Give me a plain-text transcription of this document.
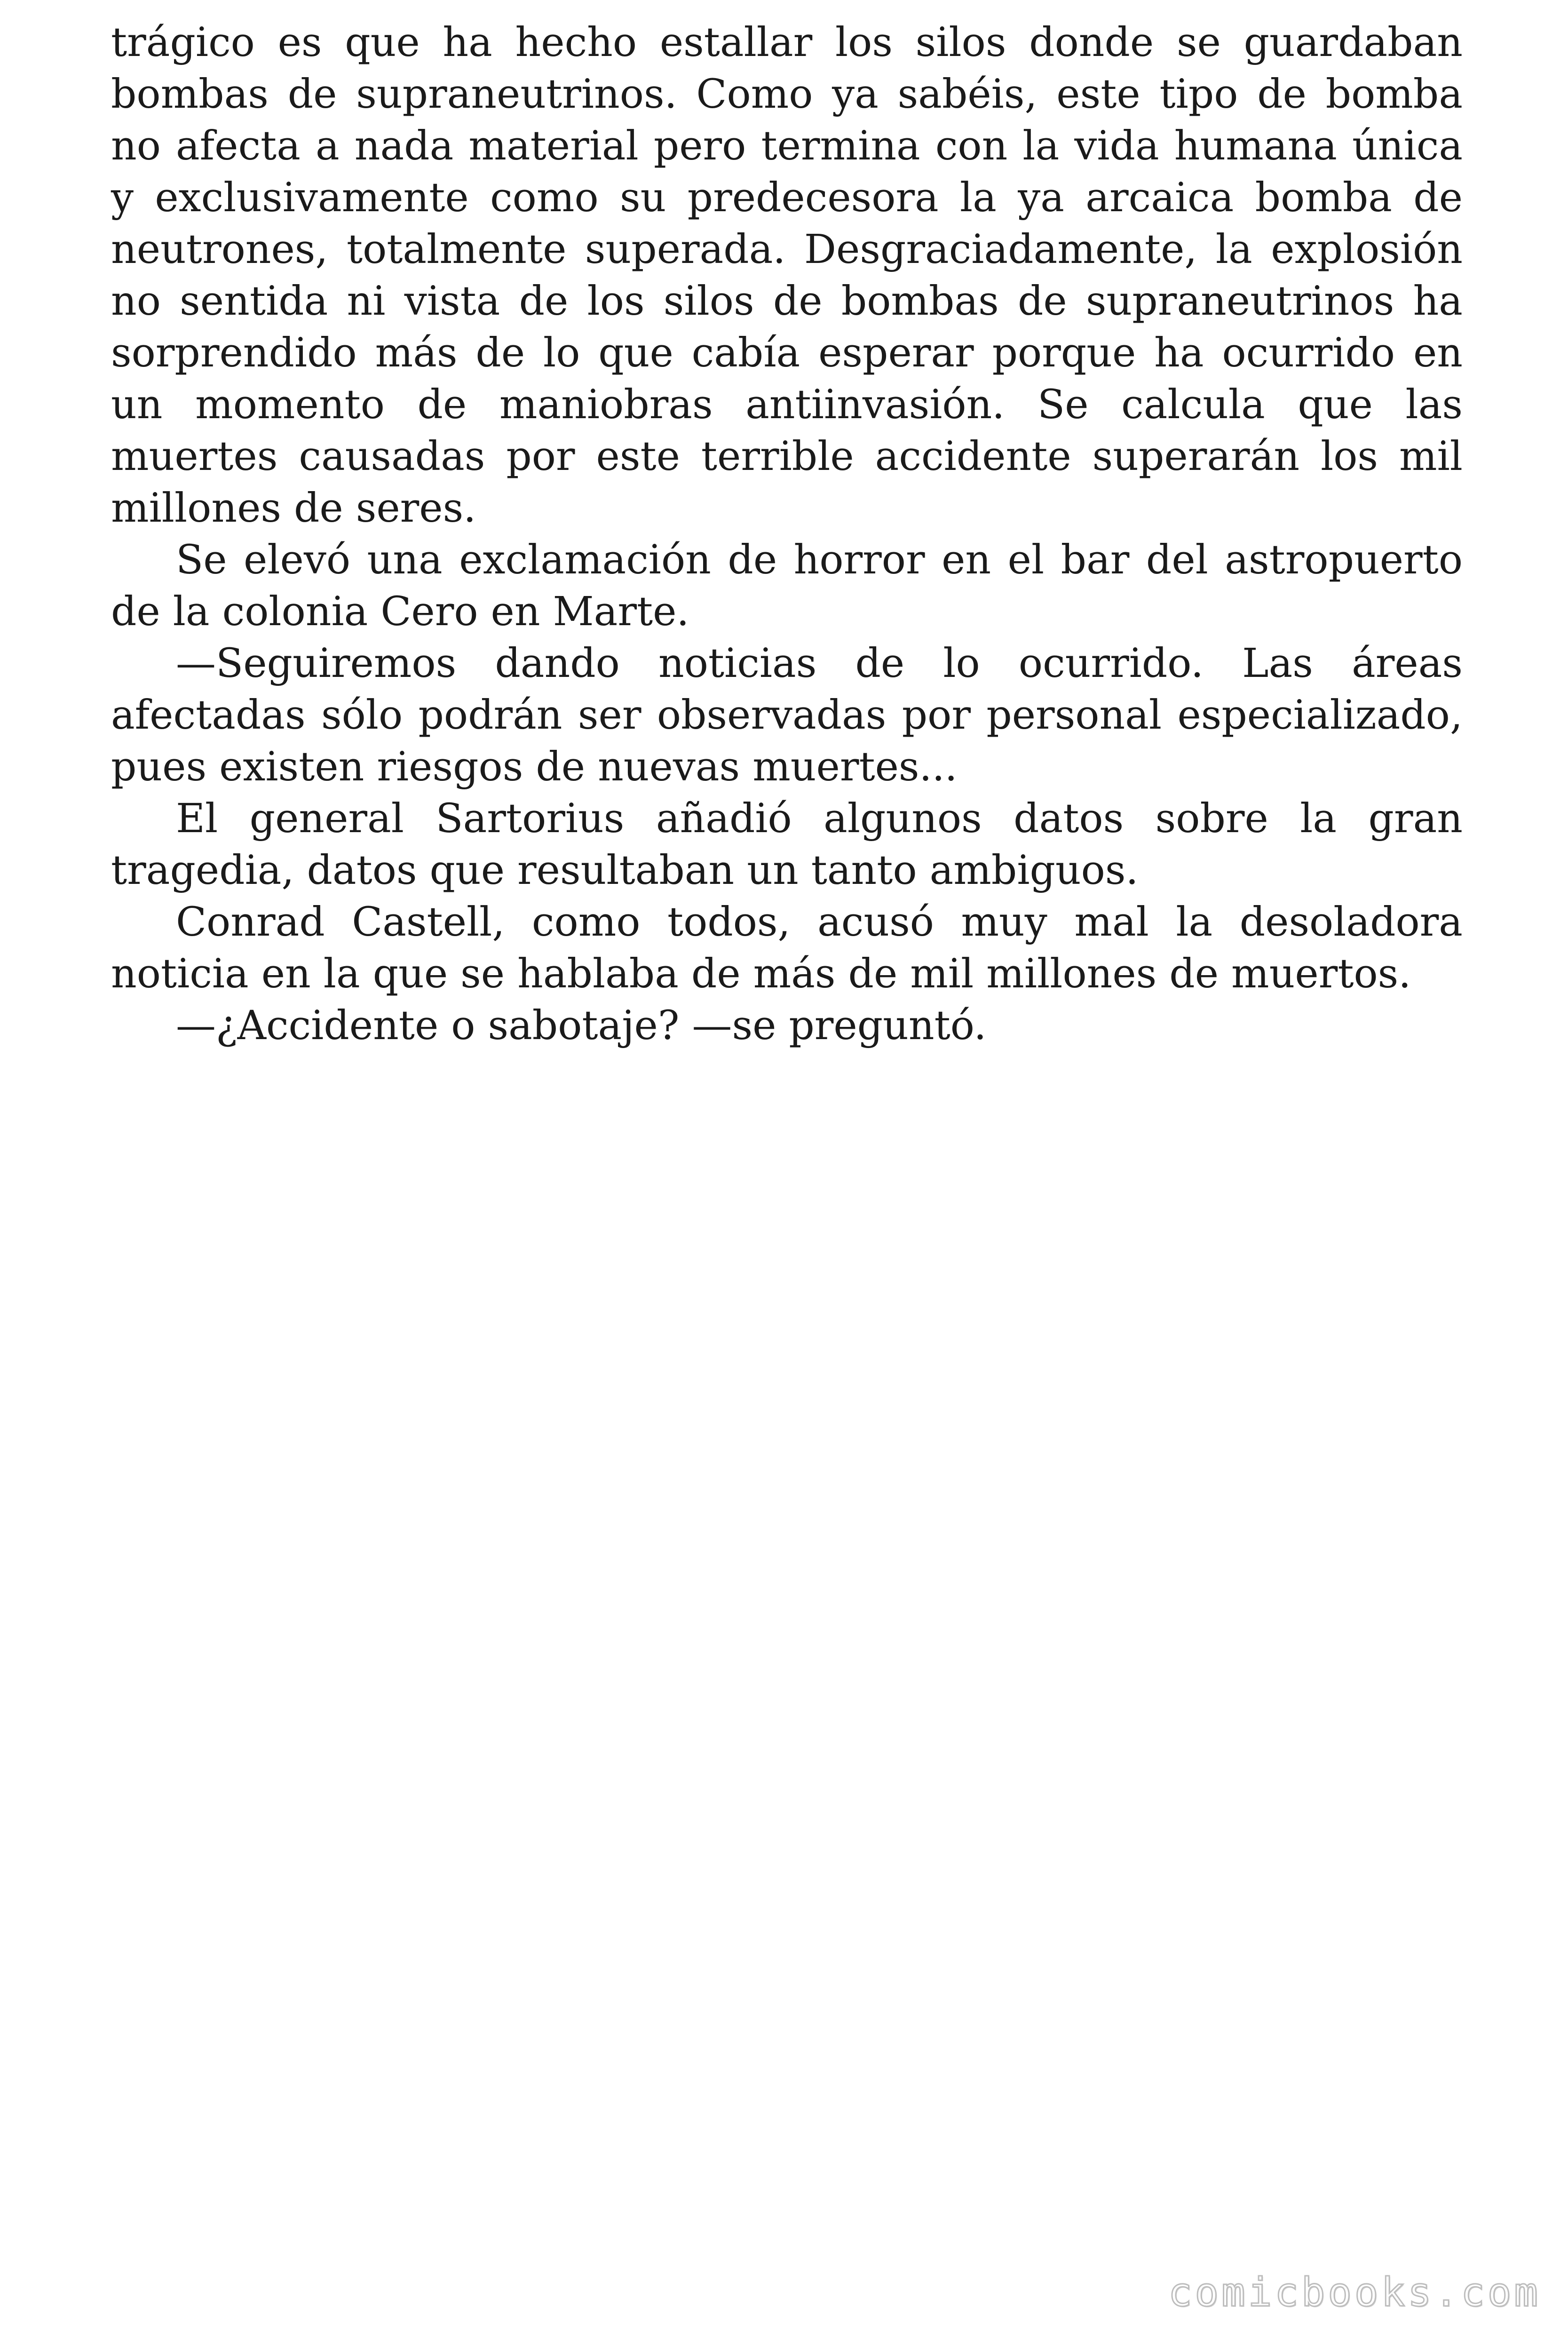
trágico es que ha hecho estallar los silos donde se guardaban bombas de supraneutrinos. Como ya sabéis, este tipo de bomba no afecta a nada material pero termina con la vida humana única y exclusivamente como su predecesora la ya arcaica bomba de neutrones, totalmente superada. Desgraciadamente, la explosión no sentida ni vista de los silos de bombas de supraneutrinos ha sorprendido más de lo que cabía esperar porque ha ocurrido en un momento de maniobras antiinvasión. Se calcula que las muertes causadas por este terrible accidente superarán los mil millones de seres.

Se elevó una exclamación de horror en el bar del astropuerto de la colonia Cero en Marte.

—Seguiremos dando noticias de lo ocurrido. Las áreas afectadas sólo podrán ser observadas por personal especializado, pues existen riesgos de nuevas muertes...

El general Sartorius añadió algunos datos sobre la gran tragedia, datos que resultaban un tanto ambiguos.

Conrad Castell, como todos, acusó muy mal la desoladora noticia en la que se hablaba de más de mil millones de muertos.

—¿Accidente o sabotaje? —se preguntó.

comicbooks.com
